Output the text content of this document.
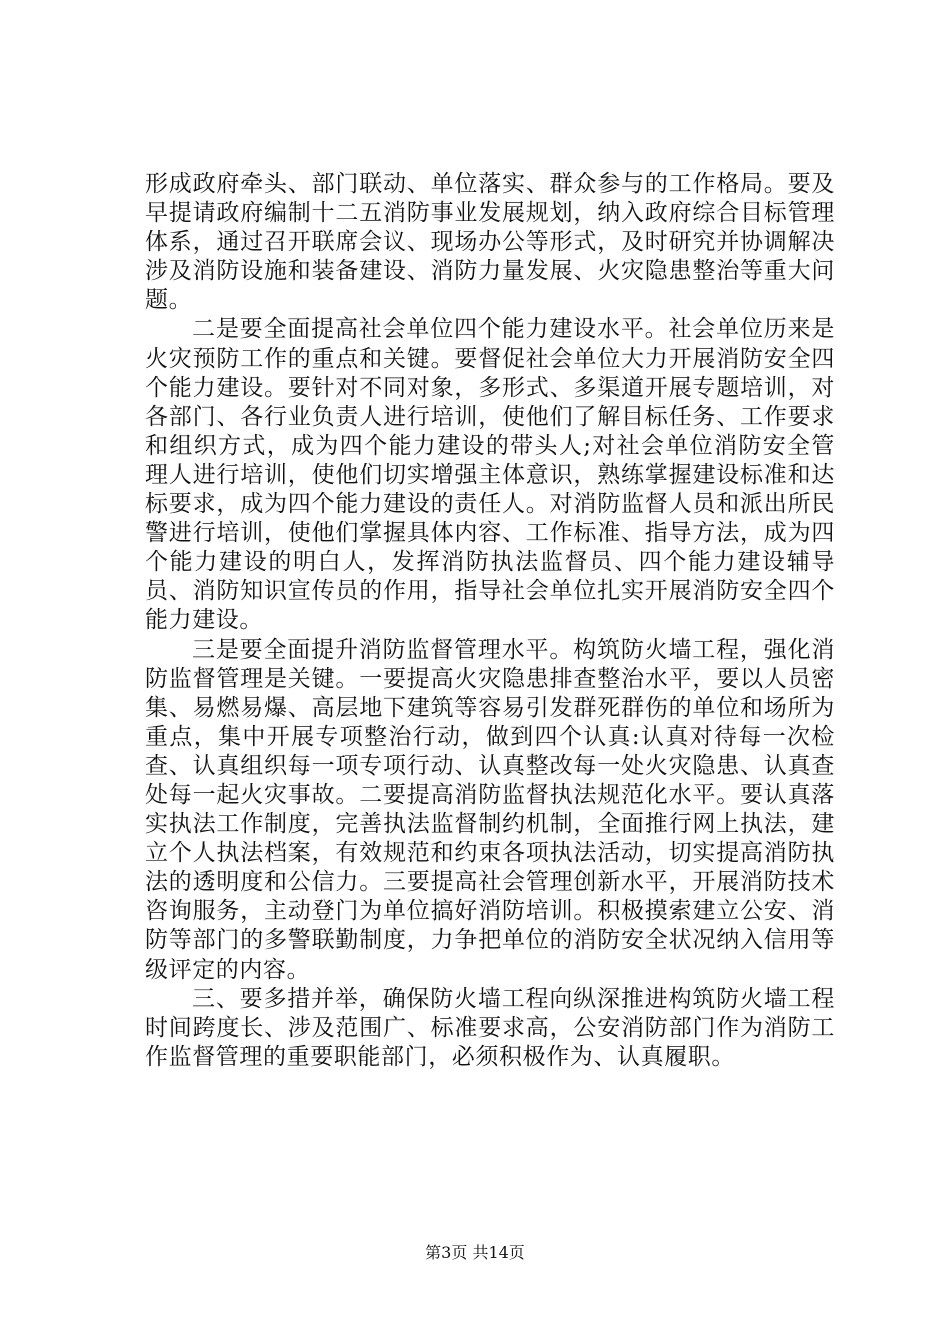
形成政府牵头、部门联动、单位落实、群众参与的工作格局。要及早提请政府编制十二五消防事业发展规划，纳入政府综合目标管理体系，通过召开联席会议、现场办公等形式，及时研究并协调解决涉及消防设施和装备建设、消防力量发展、火灾隐患整治等重大问题。

二是要全面提高社会单位四个能力建设水平。社会单位历来是火灾预防工作的重点和关键。要督促社会单位大力开展消防安全四个能力建设。要针对不同对象，多形式、多渠道开展专题培训，对各部门、各行业负责人进行培训，使他们了解目标任务、工作要求和组织方式，成为四个能力建设的带头人;对社会单位消防安全管理人进行培训，使他们切实增强主体意识，熟练掌握建设标准和达标要求，成为四个能力建设的责任人。对消防监督人员和派出所民警进行培训，使他们掌握具体内容、工作标准、指导方法，成为四个能力建设的明白人，发挥消防执法监督员、四个能力建设辅导员、消防知识宣传员的作用，指导社会单位扎实开展消防安全四个能力建设。

三是要全面提升消防监督管理水平。构筑防火墙工程，强化消防监督管理是关键。一要提高火灾隐患排查整治水平，要以人员密集、易燃易爆、高层地下建筑等容易引发群死群伤的单位和场所为重点，集中开展专项整治行动，做到四个认真:认真对待每一次检查、认真组织每一项专项行动、认真整改每一处火灾隐患、认真查处每一起火灾事故。二要提高消防监督执法规范化水平。要认真落实执法工作制度，完善执法监督制约机制，全面推行网上执法，建立个人执法档案，有效规范和约束各项执法活动，切实提高消防执法的透明度和公信力。三要提高社会管理创新水平，开展消防技术咨询服务，主动登门为单位搞好消防培训。积极摸索建立公安、消防等部门的多警联勤制度，力争把单位的消防安全状况纳入信用等级评定的内容。

三、要多措并举，确保防火墙工程向纵深推进构筑防火墙工程时间跨度长、涉及范围广、标准要求高，公安消防部门作为消防工作监督管理的重要职能部门，必须积极作为、认真履职。

第3页 共14页
